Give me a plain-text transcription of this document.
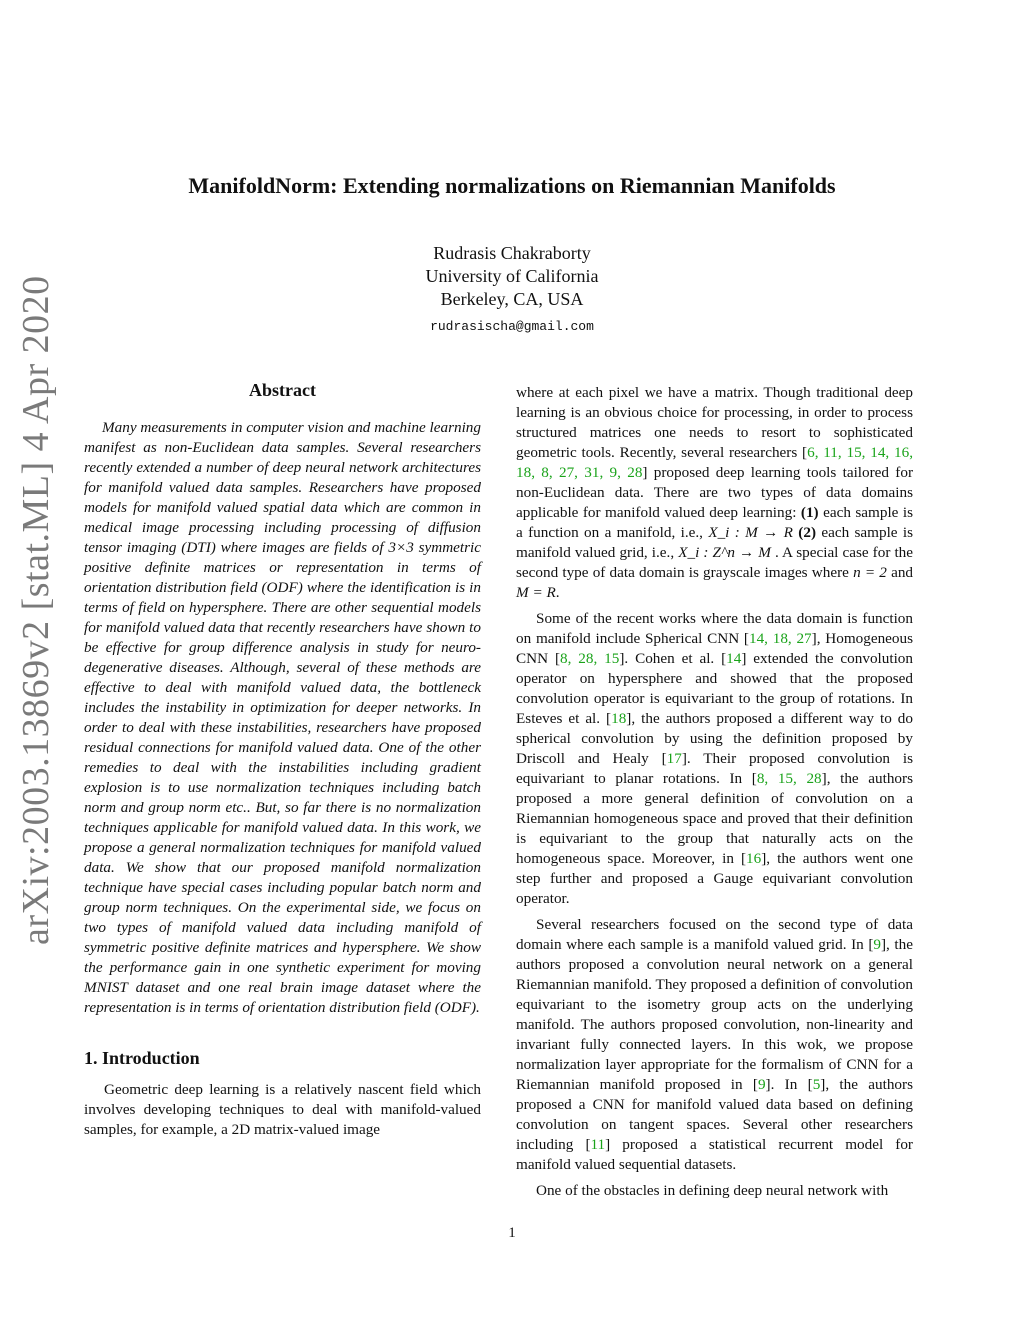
arXiv:2003.13869v2 [stat.ML] 4 Apr 2020
ManifoldNorm: Extending normalizations on Riemannian Manifolds
Rudrasis Chakraborty
University of California
Berkeley, CA, USA
rudrasischa@gmail.com
Abstract

Many measurements in computer vision and machine learning manifest as non-Euclidean data samples. Several researchers recently extended a number of deep neural network architectures for manifold valued data samples. Researchers have proposed models for manifold valued spatial data which are common in medical image processing including processing of diffusion tensor imaging (DTI) where images are fields of 3×3 symmetric positive definite matrices or representation in terms of orientation distribution field (ODF) where the identification is in terms of field on hypersphere. There are other sequential models for manifold valued data that recently researchers have shown to be effective for group difference analysis in study for neuro-degenerative diseases. Although, several of these methods are effective to deal with manifold valued data, the bottleneck includes the instability in optimization for deeper networks. In order to deal with these instabilities, researchers have proposed residual connections for manifold valued data. One of the other remedies to deal with the instabilities including gradient explosion is to use normalization techniques including batch norm and group norm etc.. But, so far there is no normalization techniques applicable for manifold valued data. In this work, we propose a general normalization techniques for manifold valued data. We show that our proposed manifold normalization technique have special cases including popular batch norm and group norm techniques. On the experimental side, we focus on two types of manifold valued data including manifold of symmetric positive definite matrices and hypersphere. We show the performance gain in one synthetic experiment for moving MNIST dataset and one real brain image dataset where the representation is in terms of orientation distribution field (ODF).

1. Introduction

Geometric deep learning is a relatively nascent field which involves developing techniques to deal with manifold-valued samples, for example, a 2D matrix-valued image

where at each pixel we have a matrix. Though traditional deep learning is an obvious choice for processing, in order to process structured matrices one needs to resort to sophisticated geometric tools. Recently, several researchers [6, 11, 15, 14, 16, 18, 8, 27, 31, 9, 28] proposed deep learning tools tailored for non-Euclidean data. There are two types of data domains applicable for manifold valued deep learning: (1) each sample is a function on a manifold, i.e., X_i : M → R (2) each sample is manifold valued grid, i.e., X_i : Z^n → M . A special case for the second type of data domain is grayscale images where n = 2 and M = R.

Some of the recent works where the data domain is function on manifold include Spherical CNN [14, 18, 27], Homogeneous CNN [8, 28, 15]. Cohen et al. [14] extended the convolution operator on hypersphere and showed that the proposed convolution operator is equivariant to the group of rotations. In Esteves et al. [18], the authors proposed a different way to do spherical convolution by using the definition proposed by Driscoll and Healy [17]. Their proposed convolution is equivariant to planar rotations. In [8, 15, 28], the authors proposed a more general definition of convolution on a Riemannian homogeneous space and proved that their definition is equivariant to the group that naturally acts on the homogeneous space. Moreover, in [16], the authors went one step further and proposed a Gauge equivariant convolution operator.

Several researchers focused on the second type of data domain where each sample is a manifold valued grid. In [9], the authors proposed a convolution neural network on a general Riemannian manifold. They proposed a definition of convolution equivariant to the isometry group acts on the underlying manifold. The authors proposed convolution, non-linearity and invariant fully connected layers. In this wok, we propose normalization layer appropriate for the formalism of CNN for a Riemannian manifold proposed in [9]. In [5], the authors proposed a CNN for manifold valued data based on defining convolution on tangent spaces. Several other researchers including [11] proposed a statistical recurrent model for manifold valued sequential datasets.

One of the obstacles in defining deep neural network with

1
